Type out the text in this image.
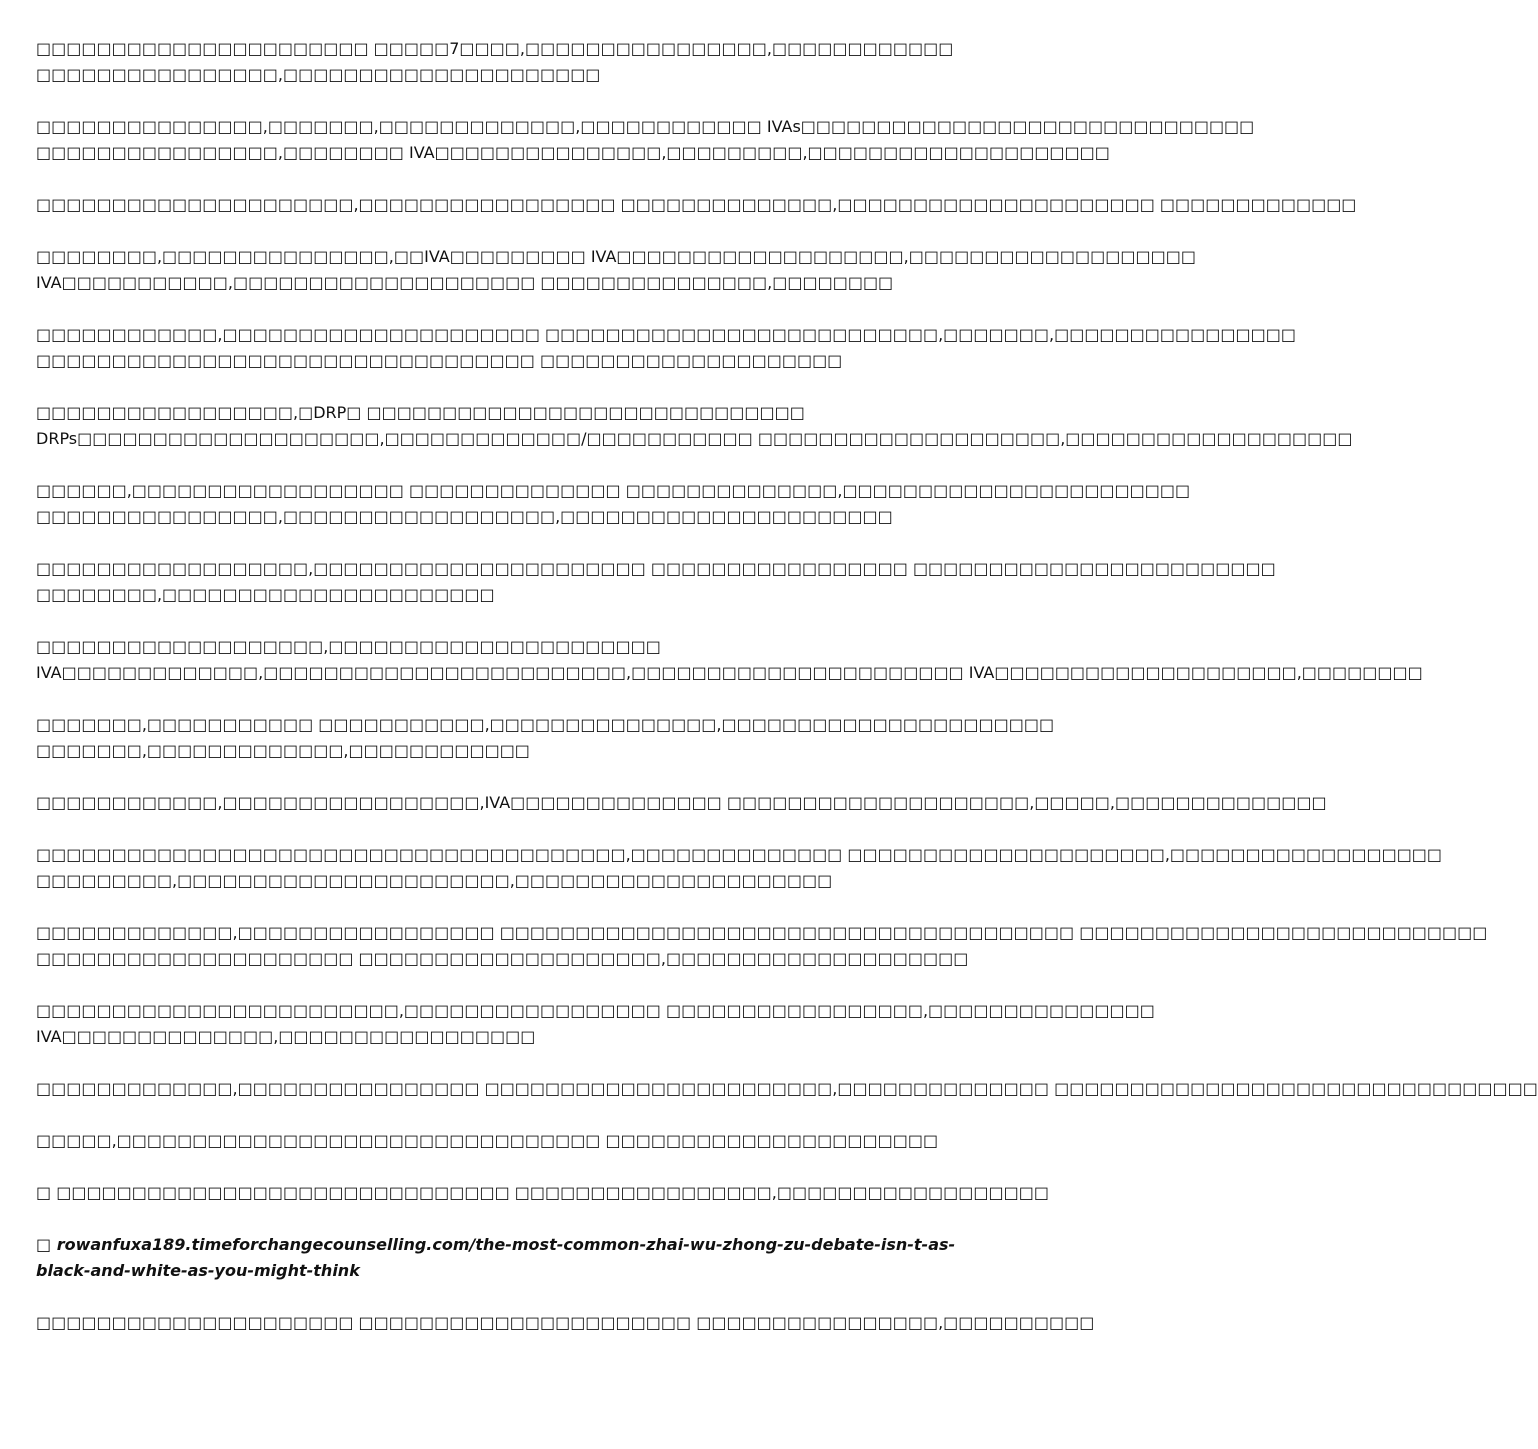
□□□□□□□□□□□□□□□□□□□□□□ □□□□□7□□□□,□□□□□□□□□□□□□□□□,□□□□□□□□□□□□
□□□□□□□□□□□□□□□□,□□□□□□□□□□□□□□□□□□□□□

□□□□□□□□□□□□□□□,□□□□□□□,□□□□□□□□□□□□□,□□□□□□□□□□□□ IVAs□□□□□□□□□□□□□□□□□□□□□□□□□□□□□□
□□□□□□□□□□□□□□□□,□□□□□□□□ IVA□□□□□□□□□□□□□□□,□□□□□□□□□,□□□□□□□□□□□□□□□□□□□□

□□□□□□□□□□□□□□□□□□□□□,□□□□□□□□□□□□□□□□□ □□□□□□□□□□□□□□,□□□□□□□□□□□□□□□□□□□□□ □□□□□□□□□□□□□

□□□□□□□□,□□□□□□□□□□□□□□□,□□IVA□□□□□□□□□ IVA□□□□□□□□□□□□□□□□□□□,□□□□□□□□□□□□□□□□□□□
IVA□□□□□□□□□□□,□□□□□□□□□□□□□□□□□□□□ □□□□□□□□□□□□□□□,□□□□□□□□

□□□□□□□□□□□□,□□□□□□□□□□□□□□□□□□□□□ □□□□□□□□□□□□□□□□□□□□□□□□□□,□□□□□□□,□□□□□□□□□□□□□□□□
□□□□□□□□□□□□□□□□□□□□□□□□□□□□□□□□□ □□□□□□□□□□□□□□□□□□□□

□□□□□□□□□□□□□□□□□,□DRP□ □□□□□□□□□□□□□□□□□□□□□□□□□□□□□
DRPs□□□□□□□□□□□□□□□□□□□□,□□□□□□□□□□□□□/□□□□□□□□□□□ □□□□□□□□□□□□□□□□□□□□,□□□□□□□□□□□□□□□□□□□

□□□□□□,□□□□□□□□□□□□□□□□□□ □□□□□□□□□□□□□□ □□□□□□□□□□□□□□,□□□□□□□□□□□□□□□□□□□□□□□
□□□□□□□□□□□□□□□□,□□□□□□□□□□□□□□□□□□,□□□□□□□□□□□□□□□□□□□□□□

□□□□□□□□□□□□□□□□□□,□□□□□□□□□□□□□□□□□□□□□□ □□□□□□□□□□□□□□□□□ □□□□□□□□□□□□□□□□□□□□□□□□
□□□□□□□□,□□□□□□□□□□□□□□□□□□□□□□

□□□□□□□□□□□□□□□□□□□,□□□□□□□□□□□□□□□□□□□□□□
IVA□□□□□□□□□□□□□,□□□□□□□□□□□□□□□□□□□□□□□□,□□□□□□□□□□□□□□□□□□□□□□ IVA□□□□□□□□□□□□□□□□□□□□,□□□□□□□□

□□□□□□□,□□□□□□□□□□□ □□□□□□□□□□□,□□□□□□□□□□□□□□□,□□□□□□□□□□□□□□□□□□□□□□
□□□□□□□,□□□□□□□□□□□□□,□□□□□□□□□□□□

□□□□□□□□□□□□,□□□□□□□□□□□□□□□□□,IVA□□□□□□□□□□□□□□ □□□□□□□□□□□□□□□□□□□□,□□□□□,□□□□□□□□□□□□□□

□□□□□□□□□□□□□□□□□□□□□□□□□□□□□□□□□□□□□□□,□□□□□□□□□□□□□□ □□□□□□□□□□□□□□□□□□□□□,□□□□□□□□□□□□□□□□□□
□□□□□□□□□,□□□□□□□□□□□□□□□□□□□□□□,□□□□□□□□□□□□□□□□□□□□□

□□□□□□□□□□□□□,□□□□□□□□□□□□□□□□□ □□□□□□□□□□□□□□□□□□□□□□□□□□□□□□□□□□□□□□ □□□□□□□□□□□□□□□□□□□□□□□□□□□
□□□□□□□□□□□□□□□□□□□□□ □□□□□□□□□□□□□□□□□□□□,□□□□□□□□□□□□□□□□□□□□

□□□□□□□□□□□□□□□□□□□□□□□□,□□□□□□□□□□□□□□□□□ □□□□□□□□□□□□□□□□□,□□□□□□□□□□□□□□□
IVA□□□□□□□□□□□□□□,□□□□□□□□□□□□□□□□□

□□□□□□□□□□□□□,□□□□□□□□□□□□□□□□ □□□□□□□□□□□□□□□□□□□□□□□,□□□□□□□□□□□□□□ □□□□□□□□□□□□□□□□□□□□□□□□□□□□□□□□

□□□□□,□□□□□□□□□□□□□□□□□□□□□□□□□□□□□□□□ □□□□□□□□□□□□□□□□□□□□□□

□ □□□□□□□□□□□□□□□□□□□□□□□□□□□□□□ □□□□□□□□□□□□□□□□□,□□□□□□□□□□□□□□□□□□

□ rowanfuxa189.timeforchangecounselling.com/the-most-common-zhai-wu-zhong-zu-debate-isn-t-as-
black-and-white-as-you-might-think

□□□□□□□□□□□□□□□□□□□□□ □□□□□□□□□□□□□□□□□□□□□□ □□□□□□□□□□□□□□□□,□□□□□□□□□□
